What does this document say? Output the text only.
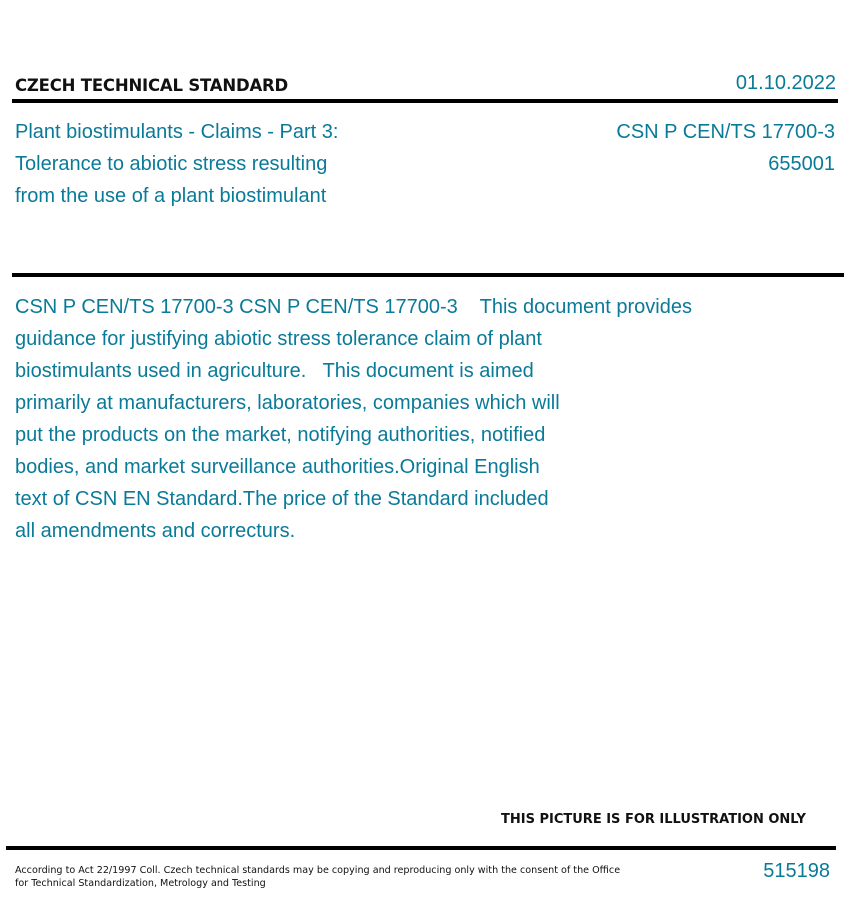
CZECH TECHNICAL STANDARD	01.10.2022
Plant biostimulants - Claims - Part 3:
Tolerance to abiotic stress resulting
from the use of a plant biostimulant
CSN P CEN/TS 17700-3
655001
CSN P CEN/TS 17700-3 CSN P CEN/TS 17700-3    This document provides
guidance for justifying abiotic stress tolerance claim of plant
biostimulants used in agriculture.   This document is aimed
primarily at manufacturers, laboratories, companies which will
put the products on the market, notifying authorities, notified
bodies, and market surveillance authorities.Original English
text of CSN EN Standard.The price of the Standard included
all amendments and correcturs.
THIS PICTURE IS FOR ILLUSTRATION ONLY
According to Act 22/1997 Coll. Czech technical standards may be copying and reproducing only with the consent of the Office
for Technical Standardization, Metrology and Testing
515198
